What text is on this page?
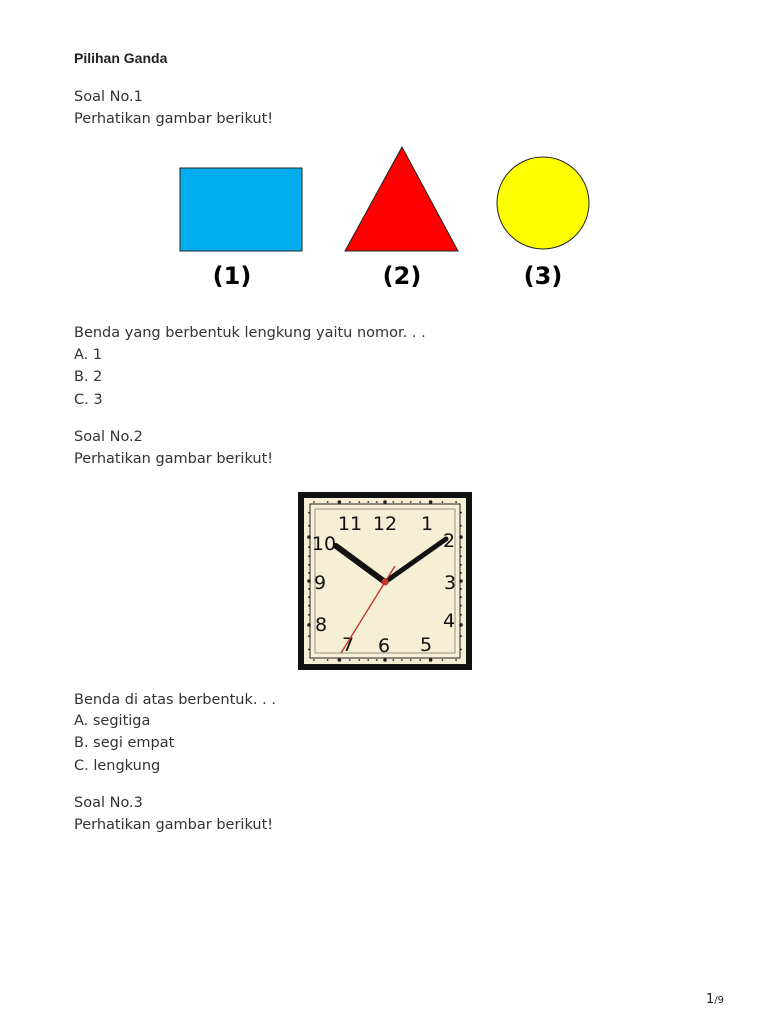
Pilihan Ganda
Soal No.1
Perhatikan gambar berikut!
(1)	(2)	(3)
Benda yang berbentuk lengkung yaitu nomor. . .
A. 1
B. 2
C. 3
Soal No.2
Perhatikan gambar berikut!
12 1
2
3
4
5
6
7
8
9
10
11
Benda di atas berbentuk. . .
A. segitiga
B. segi empat
C. lengkung
Soal No.3
Perhatikan gambar berikut!
1/9
